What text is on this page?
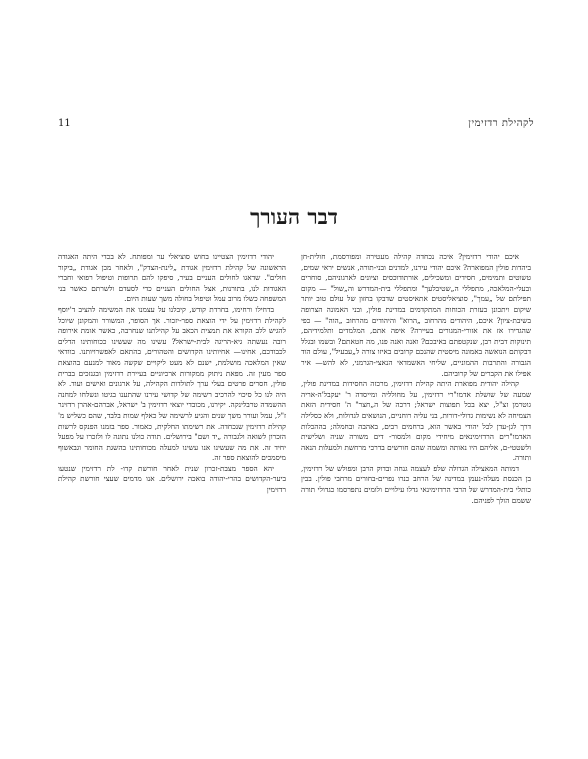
11	לקהילת רדזימין
דבר העורך

איכם יהודי רדזימין? איכה נכחדה קהילה מעטירה ומפורסמת, חולית-חן ביהדות פולין המפוארה? איכם יהודי עירנו, למדנים ובני-תורה, אנשים יראי שמים, טשוטים ותמימים, חסידים ומשכילים, אורתודוכסים וציונים לארגוניהם, סוחרים ובעלי-המלאכה, מתפללי ה„שטיבלעך" ומתפללי בית-המדרש וה„שול" — מקום תפילתם של „עמך", סוציאליסטים אתאיסטים שדבקו בחזון של עולם טוב יותר שיקום ויתכונן בעזרת הכוחות המתקדמים במדינת פולין, ובני האמונה הצרופה בשיבת-ציון? איכם, היהודים מהרחוב „הרוא" והיהודים מהרחוב „הוה" — כפי שהגדירו אז את אזורי-המגורים בעיירה? איפה אתם, המלמדים ותלמידיהם, תינוקות דבית רבן, שנקטפתם באיבכם? ואנה ואנה פנו, מה חטאתם? ובשמו ובגלל דבקותם הנואשה באמונה מיסטית שהנכם קרובים באיזו צורה ל„עבעיל", עולם הוד הגבורה והתרבות ההמוניים, שליחי האשמדאי הנאצי-הגרמני, לא להש— איר אפילו את הקברים של קרוביהם.

קהילה יהודית מפוארת היתה קהילת רדזימין, מרכזה החסידות במדינת פולין, שמעה של שושלת אדמו"רי רדזימין, על מחולליה ומייסדה ר' יעקבל'ה-אריה גוטרמן זצ"ל, יצא בכל תפוצות ישראל; דרכה של ה„חצר" ה' חסידית הזאת הצמיחה לא נשימות גדולי-דורות, בני עליה רוחניים, הנושאים לגדולות, ולא כסלילה דרך לגן-עדן לכל יהודי באשר הוא, ברחמים רבים, באהבה ובחמלה; בההכלות האדמו"רים הרדזימינאים מיחידי מקום ולמסור- דים משורה שניה ושלישית ולשטטי-ם, אליהם היו נאותה ומשמה שהם חורשים בדרכי מרחשת ולמעלות הנאה ותורה.

דמותה המאצילה הגדולה שלפ לעצמה גנחה ובדוק הרבן ומפולש של רדזימין, בן הכנסת מעלה-נעמן במדינה של הרחב כנרו נפרים-בחורים מרחבי פולין. בבין כותלי בית-המדרש של הרבי הרדזימינאי גדלו עילויים ולומים נתפרסמו כגדולי תורה ששמם הולך לפניהם.

יהודי רדזימין הצטיינו בחוש סוציאלי ער ומפותח. לא בכדי היתה האגודה הראשונה של קהילת רדזימין אגודת „לינת-הצדק", ולאחר מכן אגודת „ביקור חולים". שדאגו לחולים העניים בעיר, סיפקו להם תרופות וטיפול רפואי וחברי האגודות לנו, בתורנות, אצל החולים העניים כדי לסעדם ולשרתם כאשר בני המשפחה כשלו מרוב עמל וטיפול בחולה משך שעות היום.

בדחילו ורחימו, בחרדת קודש, קיבלנו על עצמנו את המשימה להציב ד'יוסף לקהילת רדזימין על ידי הוצאת ספר-יזכור. אך הסופר, המשורר והמקונן שיוכל להגיש ללב הקורא את תמצית הכאב על קהילתנו שנחרבה, כאשר אומת אירופה רובה נעשתה גיא-הריגה לבית-ישראל? עשינו מה שעשינו ככוחותינו הדלים לכבודכם, אחינו— אחיותינו הקדושים והטהורים, בהתאם לאפשרויותנו. בוודאי שאין המלאכה מושלמת, ישנם לא מעט ליקויים שקשה מאוד למנעם בהוצאת ספר מעין זה. מפאת ניתוק ממקורות ארכיוניים בעיירת רדזימין ובגנזכים בברית פולין, חסרים פרטים בעלי ערך לתולדות הקהילה, על ארגונים ואישים ועוד. לא היה לנו כל סיכוי להרכיב רשימה של קדושי עירנו שהתענו בגיטו ונשלחו למחנה ההשמדה טרבלינקה. יקירנו, מכובדי יוצאי רדזימין ב' ישראל, אברהם-אהרן רדזינר ז"ל, עמל ועורר משך שנים והגיע לרשימה של כאלף שמות בלבד, שהם כשליש מ' קהילת רדזימין שנכחדה. את רשימתו החלקית, כאמור. ספר בזמנו הפנקס לרשות הזכרון לשואה ולגבורה „יד ושם" בירושלים. תודה כולנו נתונה לו ולזכרו על מפעל יחיד זה. את מה שעשינו אנו עשינו למעלה מכוחותינו בהשגת החומר וגבאשוף מיסמכים להוצאת ספר זה.

יהא הספר מצבת-זכרון שנית לאחר חורשת קדו- לת רדזימין שנטעו ביער-הקדושים בהרי-יהודה בואכה ירושלים. אנו מדמים שעצי חורשת קהילת רדזימין
